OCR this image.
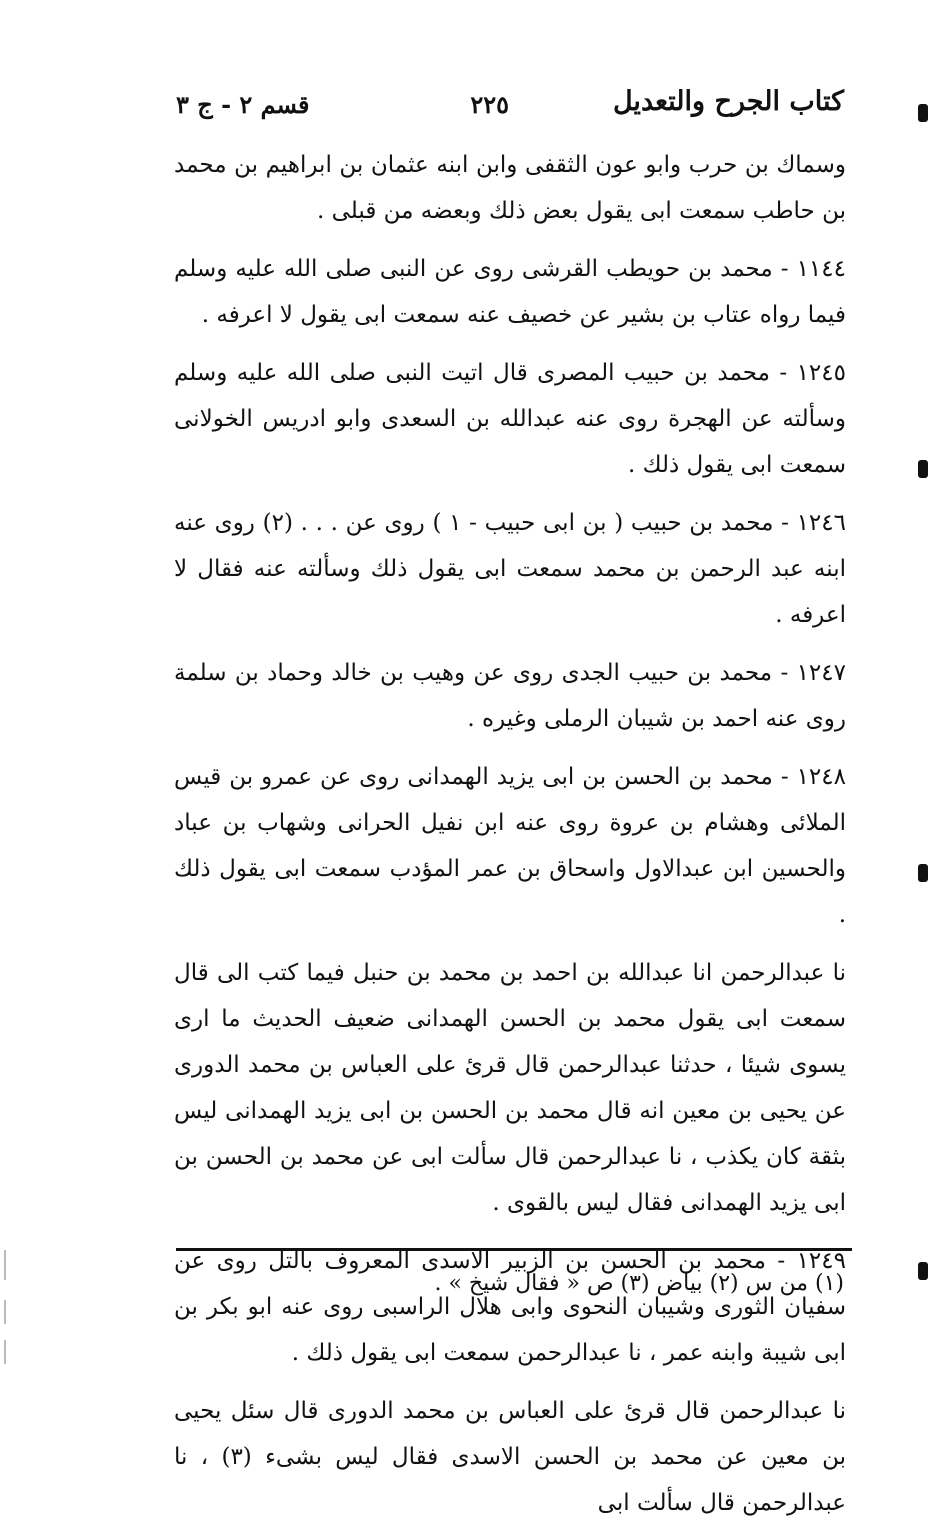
كتاب الجرح والتعديل
٢٢٥
قسم ٢ - ج ٣

وسماك بن حرب وابو عون الثقفى وابن ابنه عثمان بن ابراهيم بن محمد بن حاطب سمعت ابى يقول بعض ذلك وبعضه من قبلى .

١١٤٤ - محمد بن حويطب القرشى روى عن النبى صلى الله عليه وسلم فيما رواه عتاب بن بشير عن خصيف عنه سمعت ابى يقول لا اعرفه .

١٢٤٥ - محمد بن حبيب المصرى قال اتيت النبى صلى الله عليه وسلم وسألته عن الهجرة روى عنه عبدالله بن السعدى وابو ادريس الخولانى سمعت ابى يقول ذلك .

١٢٤٦ - محمد بن حبيب ( بن ابى حبيب - ١ ) روى عن . . . (٢) روى عنه ابنه عبد الرحمن بن محمد سمعت ابى يقول ذلك وسألته عنه فقال لا اعرفه .

١٢٤٧ - محمد بن حبيب الجدى روى عن وهيب بن خالد وحماد بن سلمة روى عنه احمد بن شيبان الرملى وغيره .

١٢٤٨ - محمد بن الحسن بن ابى يزيد الهمدانى روى عن عمرو بن قيس الملائى وهشام بن عروة روى عنه ابن نفيل الحرانى وشهاب بن عباد والحسين ابن عبدالاول واسحاق بن عمر المؤدب سمعت ابى يقول ذلك .

نا عبدالرحمن انا عبدالله بن احمد بن محمد بن حنبل فيما كتب الى قال سمعت ابى يقول محمد بن الحسن الهمدانى ضعيف الحديث ما ارى يسوى شيئا ، حدثنا عبدالرحمن قال قرئ على العباس بن محمد الدورى عن يحيى بن معين انه قال محمد بن الحسن بن ابى يزيد الهمدانى ليس بثقة كان يكذب ، نا عبدالرحمن قال سألت ابى عن محمد بن الحسن بن ابى يزيد الهمدانى فقال ليس بالقوى .

١٢٤٩ - محمد بن الحسن بن الزبير الاسدى المعروف بالتل روى عن سفيان الثورى وشيبان النحوى وابى هلال الراسبى روى عنه ابو بكر بن ابى شيبة وابنه عمر ، نا عبدالرحمن سمعت ابى يقول ذلك .

نا عبدالرحمن قال قرئ على العباس بن محمد الدورى قال سئل يحيى بن معين عن محمد بن الحسن الاسدى فقال ليس بشىء (٣) ، نا عبدالرحمن قال سألت ابى

(١) من س (٢) بياض (٣) ص « فقال شيخ » .
